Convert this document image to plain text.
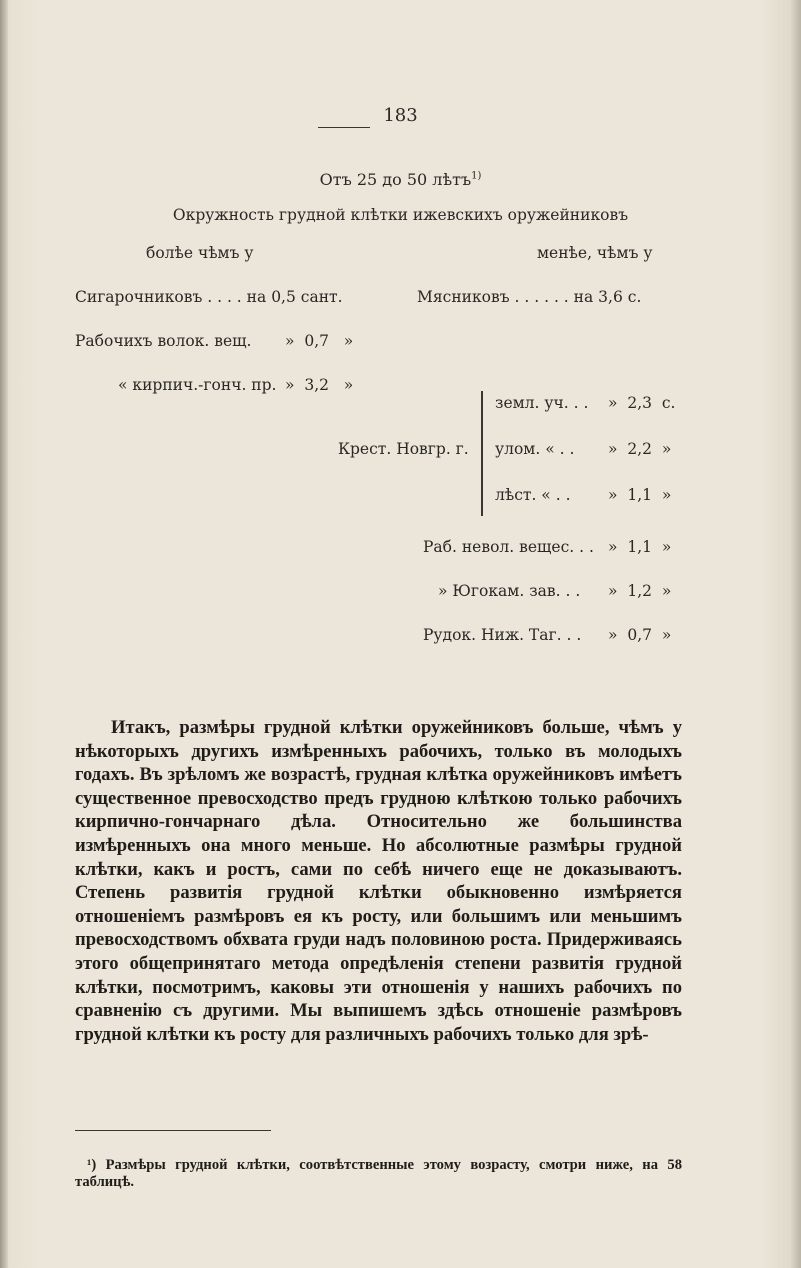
183
Отъ 25 до 50 лѣтъ$^{1)}$
Окружность грудной клѣтки ижевскихъ оружейниковъ
болѣе чѣмъ у	менѣе, чѣмъ у
Сигарочниковъ . . . . на 0,5 сант.
Рабочихъ волок. вещ. » 0,7 »
« кирпич.-гонч. пр. » 3,2 »
Мясниковъ . . . . . . на 3,6 с.
Крест. Новгр. г.
земл. уч. . . » 2,3 с.
улом. « . . » 2,2 »
лѣст. « . . » 1,1 »
Раб. невол. вещес. . . » 1,1 »
» Югокам. зав. . . » 1,2 »
Рудок. Ниж. Таг. . . » 0,7 »

Итакъ, размѣры грудной клѣтки оружейниковъ больше, чѣмъ у нѣкоторыхъ другихъ измѣренныхъ рабочихъ, только въ молодыхъ годахъ. Въ зрѣломъ же возрастѣ, грудная клѣтка оружейниковъ имѣетъ существенное превосходство предъ грудною клѣткою только рабочихъ кирпично-гончарнаго дѣла. Относительно же большинства измѣренныхъ она много меньше. Но абсолютные размѣры грудной клѣтки, какъ и ростъ, сами по себѣ ничего еще не доказываютъ. Степень развитія грудной клѣтки обыкновенно измѣряется отношеніемъ размѣровъ ея къ росту, или большимъ или меньшимъ превосходствомъ обхвата груди надъ половиною роста. Придерживаясь этого общепринятаго метода опредѣленія степени развитія грудной клѣтки, посмотримъ, каковы эти отношенія у нашихъ рабочихъ по сравненію съ другими. Мы выпишемъ здѣсь отношеніе размѣровъ грудной клѣтки къ росту для различныхъ рабочихъ только для зрѣ-

¹) Размѣры грудной клѣтки, соотвѣтственные этому возрасту, смотри ниже, на 58 таблицѣ.
